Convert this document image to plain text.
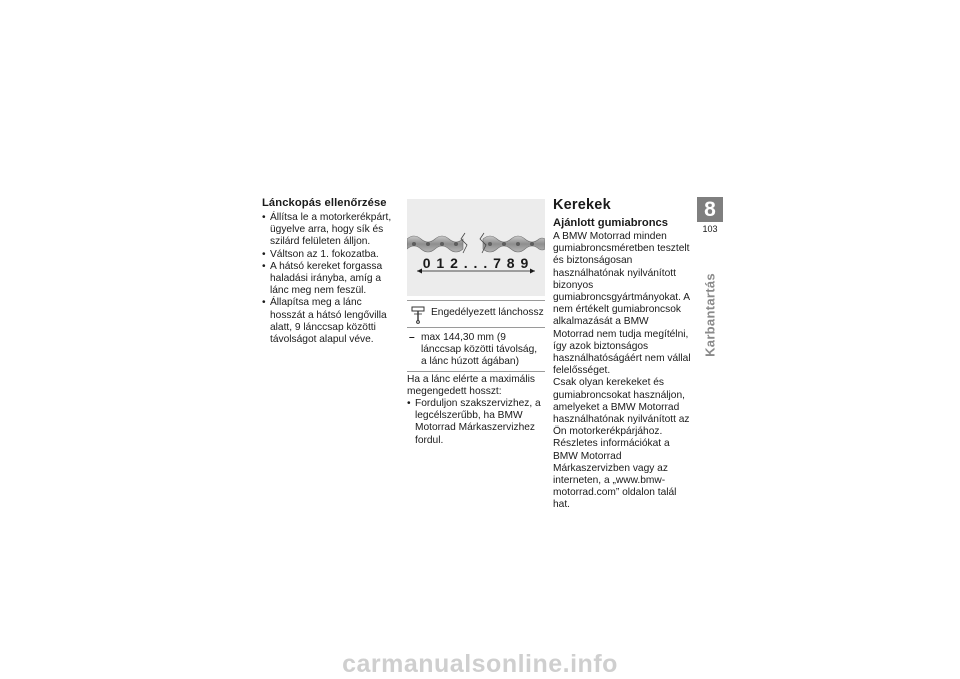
Lánckopás ellenőrzése
• Állítsa le a motorkerékpárt, ügyelve arra, hogy sík és szilárd felületen álljon.
• Váltson az 1. fokozatba.
• A hátsó kereket forgassa haladási irányba, amíg a lánc meg nem feszül.
• Állapítsa meg a lánc hosszát a hátsó lengővilla alatt, 9 lánccsap közötti távolságot alapul véve.
0 1 2 . . . 7 8 9
Engedélyezett lánchossz
– max 144,30 mm (9 lánccsap közötti távolság, a lánc húzott ágában)

Ha a lánc elérte a maximális megengedett hosszt:

• Forduljon szakszervizhez, a legcélszerűbb, ha BMW Motorrad Márkaszervizhez fordul.
Kerekek
Ajánlott gumiabroncs

A BMW Motorrad minden gumiabroncsméretben tesztelt és biztonságosan használhatónak nyilvánított bizonyos gumiabroncsgyártmányokat. A nem értékelt gumiabroncsok alkalmazását a BMW Motorrad nem tudja megítélni, így azok biztonságos használhatóságáért nem vállal felelősséget.

Csak olyan kerekeket és gumiabroncsokat használjon, amelyeket a BMW Motorrad használhatónak nyilvánított az Ön motorkerékpárjához.

Részletes információkat a BMW Motorrad Márkaszervizben vagy az interneten, a „www.bmw-motorrad.com” oldalon talál hat.

8
103
Karbantartás
carmanualsonline.info
